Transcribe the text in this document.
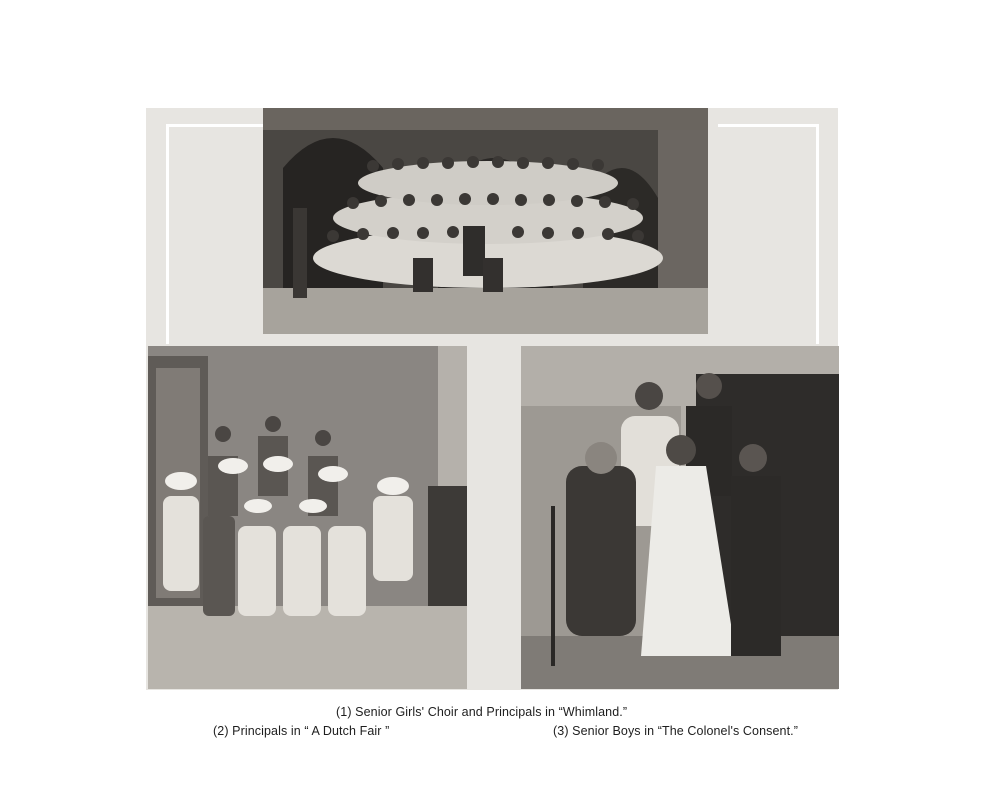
(1) Senior Girls' Choir and Principals in “Whimland.”
(2) Principals in “ A Dutch Fair ”	(3) Senior Boys in “The Colonel's Consent.”
